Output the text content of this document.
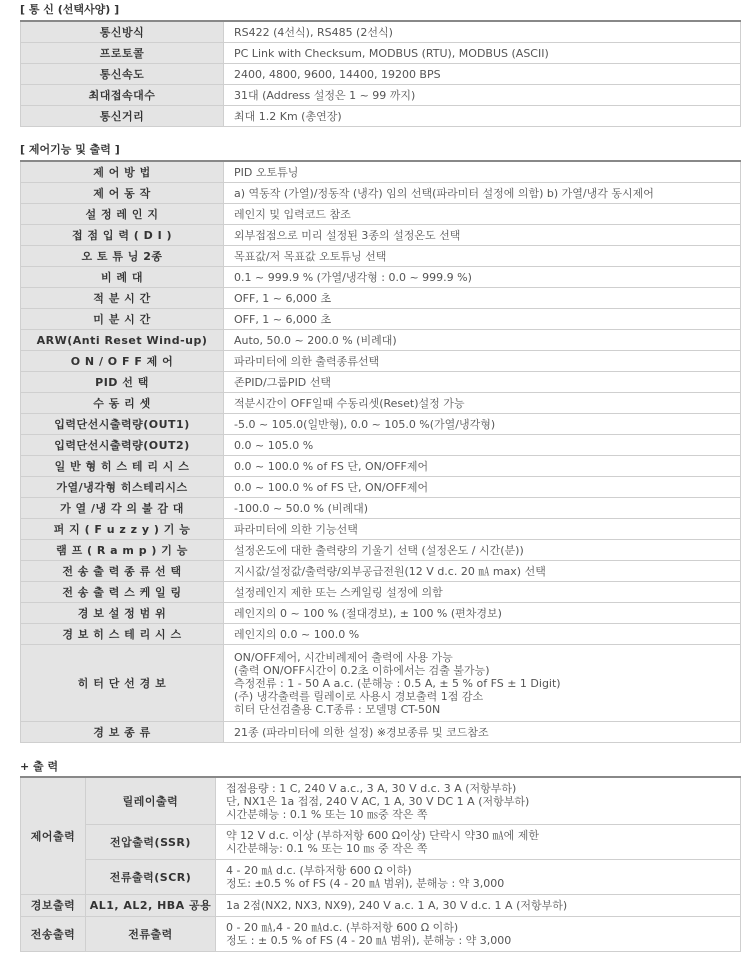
[ 통 신 (선택사양) ]
통신방식	RS422 (4선식), RS485 (2선식)
프로토콜	PC Link with Checksum, MODBUS (RTU), MODBUS (ASCII)
통신속도	2400, 4800, 9600, 14400, 19200 BPS
최대접속대수	31대 (Address 설정은 1 ~ 99 까지)
통신거리	최대 1.2 Km (총연장)
[ 제어기능 및 출력 ]
제 어 방 법	PID 오토튜닝
제 어 동 작	a) 역동작 (가열)/정동작 (냉각) 임의 선택(파라미터 설정에 의함) b) 가열/냉각 동시제어
설 정 레 인 지	레인지 및 입력코드 참조
접 점 입 력 ( D I )	외부접점으로 미리 설정된 3종의 설정온도 선택
오 토 튜 닝 2종	목표값/저 목표값 오토튜닝 선택
비 례 대	0.1 ~ 999.9 % (가열/냉각형 : 0.0 ~ 999.9 %)
적 분 시 간	OFF, 1 ~ 6,000 초
미 분 시 간	OFF, 1 ~ 6,000 초
ARW(Anti Reset Wind-up)	Auto, 50.0 ~ 200.0 % (비례대)
O N / O F F 제 어	파라미터에 의한 출력종류선택
PID 선 택	존PID/그룹PID 선택
수 동 리 셋	적분시간이 OFF일때 수동리셋(Reset)설정 가능
입력단선시출력량(OUT1)	-5.0 ~ 105.0(일반형), 0.0 ~ 105.0 %(가열/냉각형)
입력단선시출력량(OUT2)	0.0 ~ 105.0 %
일 반 형 히 스 테 리 시 스	0.0 ~ 100.0 % of FS 단, ON/OFF제어
가열/냉각형 히스테리시스	0.0 ~ 100.0 % of FS 단, ON/OFF제어
가 열 /냉 각 의 불 감 대	-100.0 ~ 50.0 % (비례대)
퍼 지 ( F u z z y ) 기 능	파라미터에 의한 기능선택
램 프 ( R a m p ) 기 능	설정온도에 대한 출력량의 기울기 선택 (설정온도 / 시간(분))
전 송 출 력 종 류 선 택	지시값/설정값/출력량/외부공급전원(12 V d.c. 20 ㎃ max) 선택
전 송 출 력 스 케 일 링	설정레인지 제한 또는 스케일링 설정에 의함
경 보 설 정 범 위	레인지의 0 ~ 100 % (절대경보), ± 100 % (편차경보)
경 보 히 스 테 리 시 스	레인지의 0.0 ~ 100.0 %
히 터 단 선 경 보	ON/OFF제어, 시간비례제어 출력에 사용 가능
(출력 ON/OFF시간이 0.2초 이하에서는 검출 불가능)
측정전류 : 1 - 50 A a.c. (분해능 : 0.5 A, ± 5 % of FS ± 1 Digit)
(주) 냉각출력를 릴레이로 사용시 경보출력 1점 감소
히터 단선검출용 C.T종류 : 모델명 CT-50N
경 보 종 류	21종 (파라미터에 의한 설정) ※경보종류 및 코드참조
+ 출 력
제어출력	릴레이출력	접점용량 : 1 C, 240 V a.c., 3 A, 30 V d.c. 3 A (저항부하)
단, NX1은 1a 접점, 240 V AC, 1 A, 30 V DC 1 A (저항부하)
시간분해능 : 0.1 % 또는 10 ㎳중 작은 쪽
	전압출력(SSR)	약 12 V d.c. 이상 (부하저항 600 Ω이상) 단락시 약30 ㎃에 제한
시간분해능: 0.1 % 또는 10 ㎳ 중 작은 쪽
	전류출력(SCR)	4 - 20 ㎃ d.c. (부하저항 600 Ω 이하)
정도: ±0.5 % of FS (4 - 20 ㎃ 범위), 분해능 : 약 3,000
경보출력	AL1, AL2, HBA 공용	1a 2점(NX2, NX3, NX9), 240 V a.c. 1 A, 30 V d.c. 1 A (저항부하)
전송출력	전류출력	0 - 20 ㎃,4 - 20 ㎃d.c. (부하저항 600 Ω 이하)
정도 : ± 0.5 % of FS (4 - 20 ㎃ 범위), 분해능 : 약 3,000
